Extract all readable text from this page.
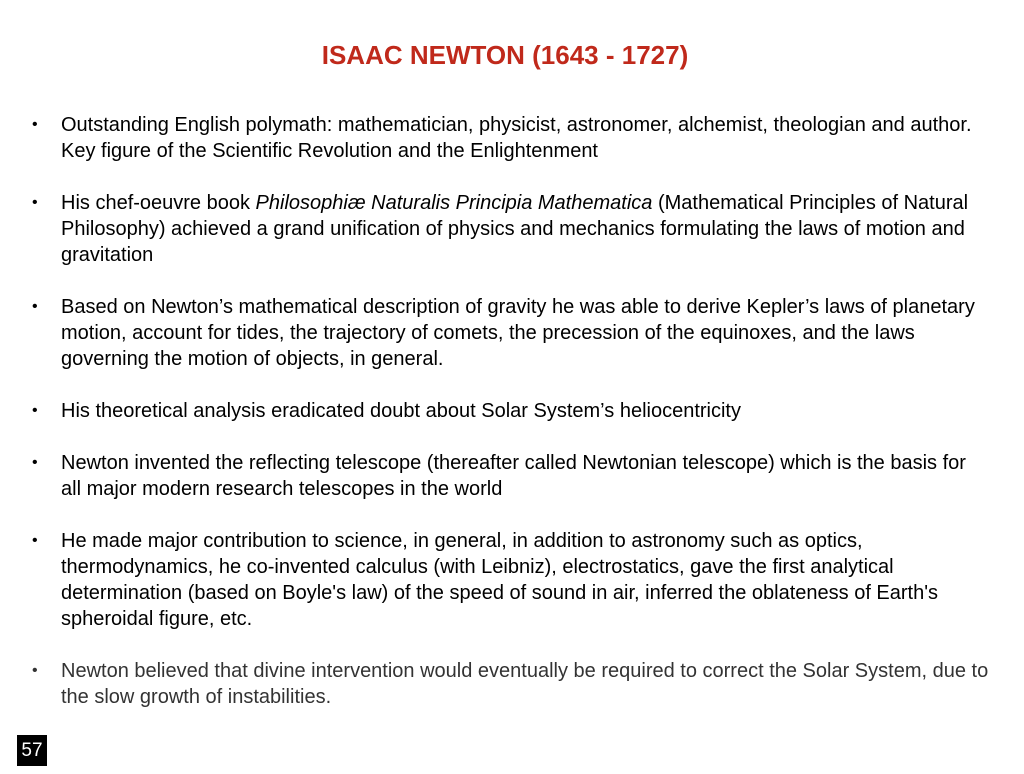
ISAAC NEWTON (1643 - 1727)
• Outstanding English polymath: mathematician, physicist, astronomer, alchemist, theologian and author. Key figure of the Scientific Revolution and the Enlightenment
• His chef-oeuvre book Philosophiæ Naturalis Principia Mathematica (Mathematical Principles of Natural Philosophy) achieved a grand unification of physics and mechanics formulating the laws of motion and gravitation
• Based on Newton’s mathematical description of gravity he was able to derive Kepler’s laws of planetary motion, account for tides, the trajectory of comets, the precession of the equinoxes, and the laws governing the motion of objects, in general.
• His theoretical analysis eradicated doubt about Solar System’s heliocentricity
• Newton invented the reflecting telescope (thereafter called Newtonian telescope) which is the basis for all major modern research telescopes in the world
• He made major contribution to science, in general, in addition to astronomy such as optics, thermodynamics, he co-invented calculus (with Leibniz), electrostatics, gave the first analytical determination (based on Boyle's law) of the speed of sound in air, inferred the oblateness of Earth's spheroidal figure, etc.
• Newton believed that divine intervention would eventually be required to correct the Solar System, due to the slow growth of instabilities.
57
